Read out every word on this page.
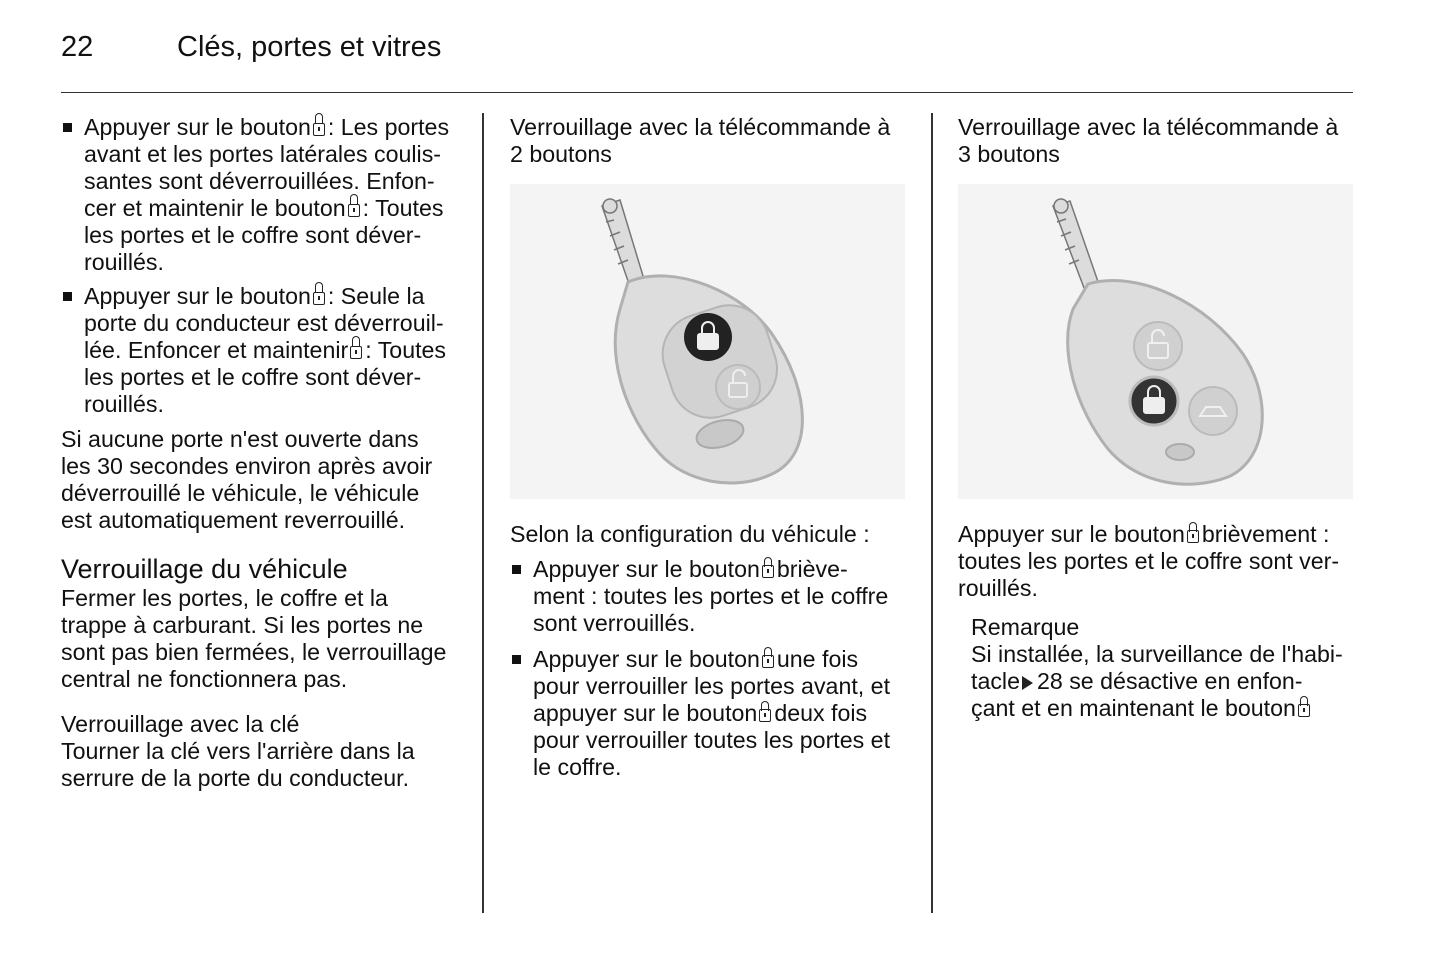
22	Clés, portes et vitres

Appuyer sur le bouton : Les portes

avant et les portes latérales coulis-

santes sont déverrouillées. Enfon-

cer et maintenir le bouton : Toutes

les portes et le coffre sont déver-

rouillés.

Appuyer sur le bouton : Seule la

porte du conducteur est déverrouil-

lée. Enfoncer et maintenir : Toutes

les portes et le coffre sont déver-

rouillés.

Si aucune porte n'est ouverte dans

les 30 secondes environ après avoir

déverrouillé le véhicule, le véhicule

est automatiquement reverrouillé.

Verrouillage du véhicule

Fermer les portes, le coffre et la

trappe à carburant. Si les portes ne

sont pas bien fermées, le verrouillage

central ne fonctionnera pas.

Verrouillage avec la clé

Tourner la clé vers l'arrière dans la

serrure de la porte du conducteur.

Verrouillage avec la télécommande à

2 boutons

Selon la configuration du véhicule :

Appuyer sur le bouton brièvе-

ment : toutes les portes et le coffre

sont verrouillés.

Appuyer sur le bouton une fois

pour verrouiller les portes avant, et

appuyer sur le bouton deux fois

pour verrouiller toutes les portes et

le coffre.

Verrouillage avec la télécommande à

3 boutons

Appuyer sur le bouton brièvement :

toutes les portes et le coffre sont ver-

rouillés.

Remarque

Si installée, la surveillance de l'habi-

tacle 28 se désactive en enfon-

çant et en maintenant le bouton
